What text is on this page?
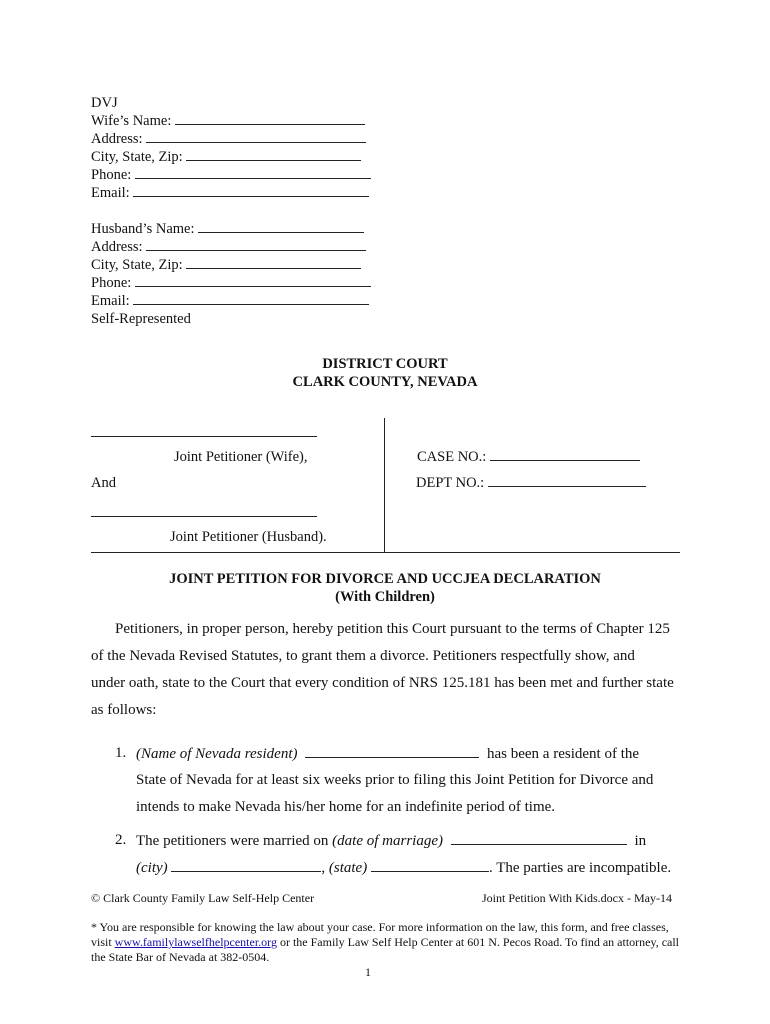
DVJ
Wife’s Name:
Address:
City, State, Zip:
Phone:
Email:
Husband’s Name:
Address:
City, State, Zip:
Phone:
Email:
Self-Represented
DISTRICT COURT
CLARK COUNTY, NEVADA
Joint Petitioner (Wife),
And
Joint Petitioner (Husband).
CASE NO.:
DEPT NO.:
JOINT PETITION FOR DIVORCE AND UCCJEA DECLARATION
(With Children)
Petitioners, in proper person, hereby petition this Court pursuant to the terms of Chapter 125
of the Nevada Revised Statutes, to grant them a divorce. Petitioners respectfully show, and
under oath, state to the Court that every condition of NRS 125.181 has been met and further state
as follows:
1. (Name of Nevada resident)	has been a resident of the
State of Nevada for at least six weeks prior to filing this Joint Petition for Divorce and
intends to make Nevada his/her home for an indefinite period of time.
2. The petitioners were married on (date of marriage)	in
(city)	, (state)	. The parties are incompatible.
© Clark County Family Law Self-Help Center	Joint Petition With Kids.docx - May-14
* You are responsible for knowing the law about your case. For more information on the law, this form, and free classes,
visit www.familylawselfhelpcenter.org or the Family Law Self Help Center at 601 N. Pecos Road. To find an attorney, call
the State Bar of Nevada at 382-0504.
1
